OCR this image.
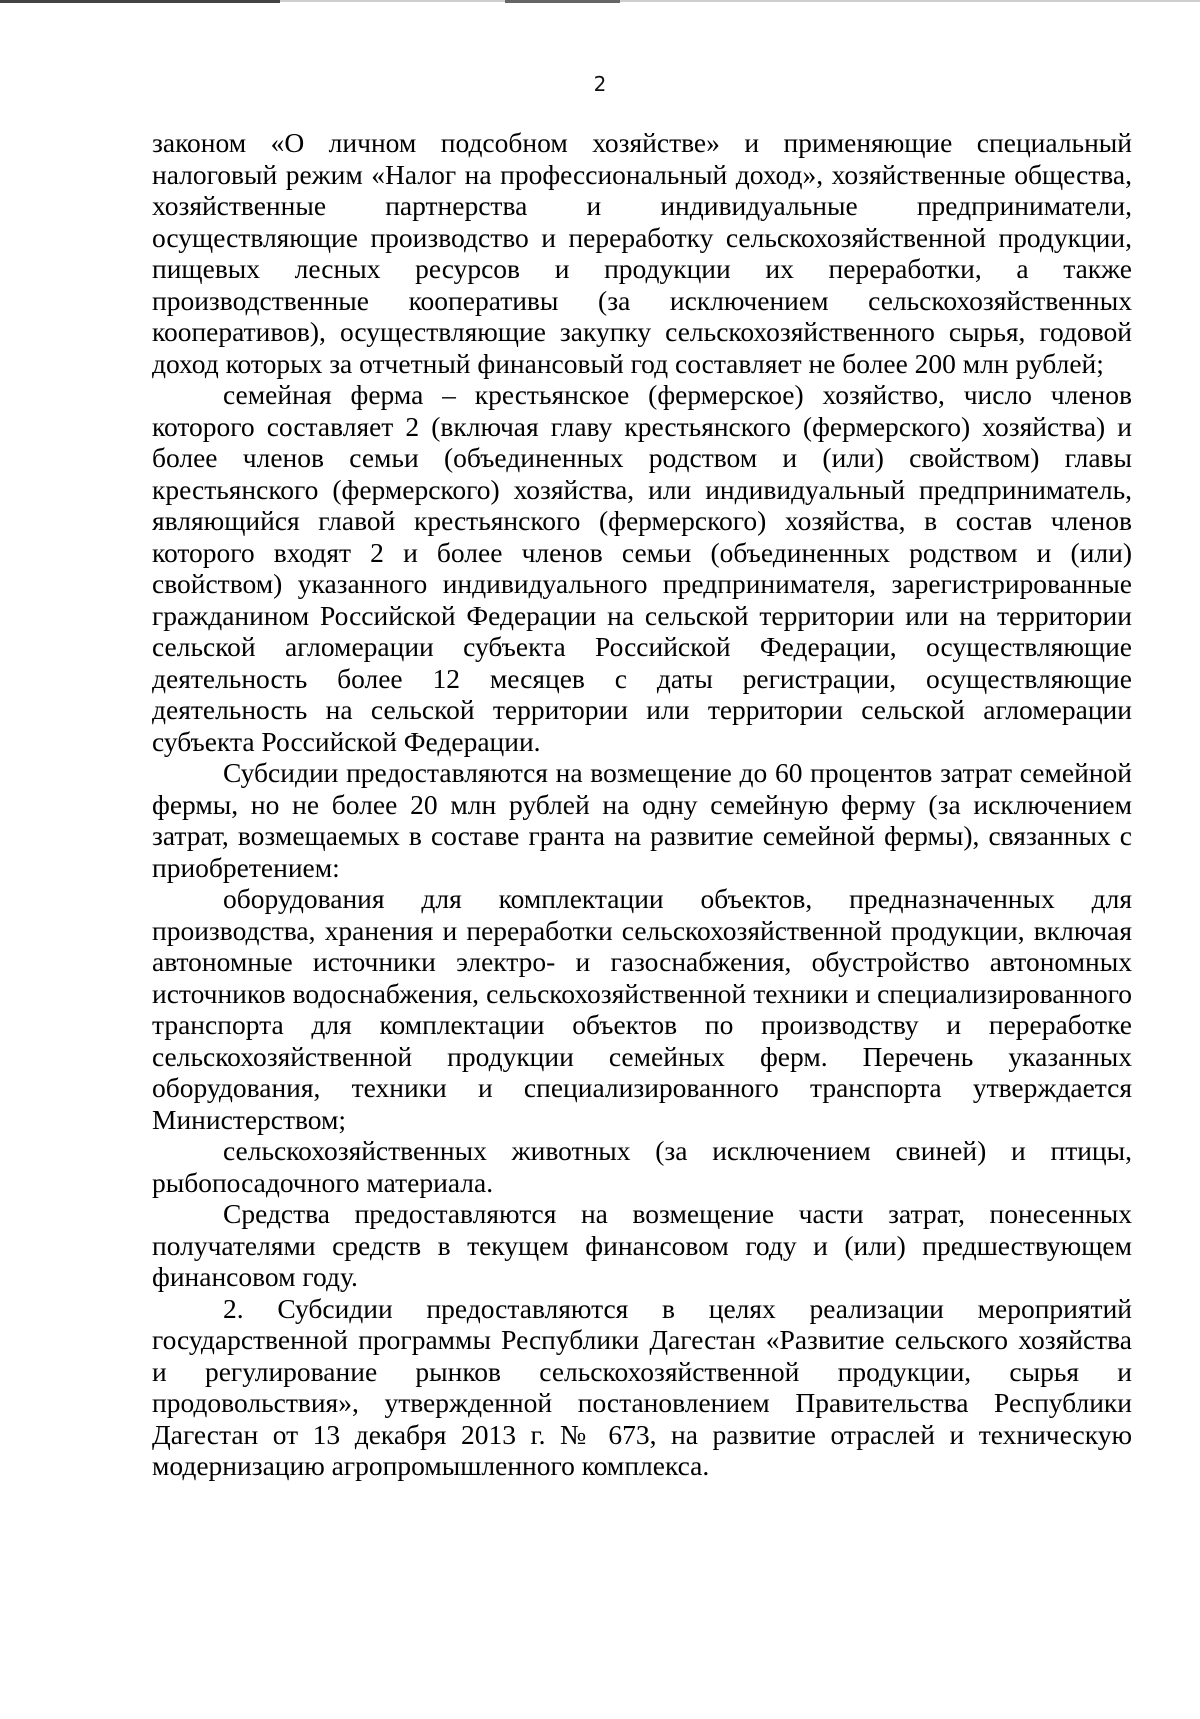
2

законом «О личном подсобном хозяйстве» и применяющие специальный налоговый режим «Налог на профессиональный доход», хозяйственные общества, хозяйственные партнерства и индивидуальные предприниматели, осуществляющие производство и переработку сельскохозяйственной продукции, пищевых лесных ресурсов и продукции их переработки, а также производственные кооперативы (за исключением сельскохозяйственных кооперативов), осуществляющие закупку сельскохозяйственного сырья, годовой доход которых за отчетный финансовый год составляет не более 200 млн рублей;

семейная ферма – крестьянское (фермерское) хозяйство, число членов которого составляет 2 (включая главу крестьянского (фермерского) хозяйства) и более членов семьи (объединенных родством и (или) свойством) главы крестьянского (фермерского) хозяйства, или индивидуальный предприниматель, являющийся главой крестьянского (фермерского) хозяйства, в состав членов которого входят 2 и более членов семьи (объединенных родством и (или) свойством) указанного индивидуального предпринимателя, зарегистрированные гражданином Российской Федерации на сельской территории или на территории сельской агломерации субъекта Российской Федерации, осуществляющие деятельность более 12 месяцев с даты регистрации, осуществляющие деятельность на сельской территории или территории сельской агломерации субъекта Российской Федерации.

Субсидии предоставляются на возмещение до 60 процентов затрат семейной фермы, но не более 20 млн рублей на одну семейную ферму (за исключением затрат, возмещаемых в составе гранта на развитие семейной фермы), связанных с приобретением:

оборудования для комплектации объектов, предназначенных для производства, хранения и переработки сельскохозяйственной продукции, включая автономные источники электро- и газоснабжения, обустройство автономных источников водоснабжения, сельскохозяйственной техники и специализированного транспорта для комплектации объектов по производству и переработке сельскохозяйственной продукции семейных ферм. Перечень указанных оборудования, техники и специализированного транспорта утверждается Министерством;

сельскохозяйственных животных (за исключением свиней) и птицы, рыбопосадочного материала.

Средства предоставляются на возмещение части затрат, понесенных получателями средств в текущем финансовом году и (или) предшествующем финансовом году.

2. Субсидии предоставляются в целях реализации мероприятий государственной программы Республики Дагестан «Развитие сельского хозяйства и регулирование рынков сельскохозяйственной продукции, сырья и продовольствия», утвержденной постановлением Правительства Республики Дагестан от 13 декабря 2013 г. № 673, на развитие отраслей и техническую модернизацию агропромышленного комплекса.
